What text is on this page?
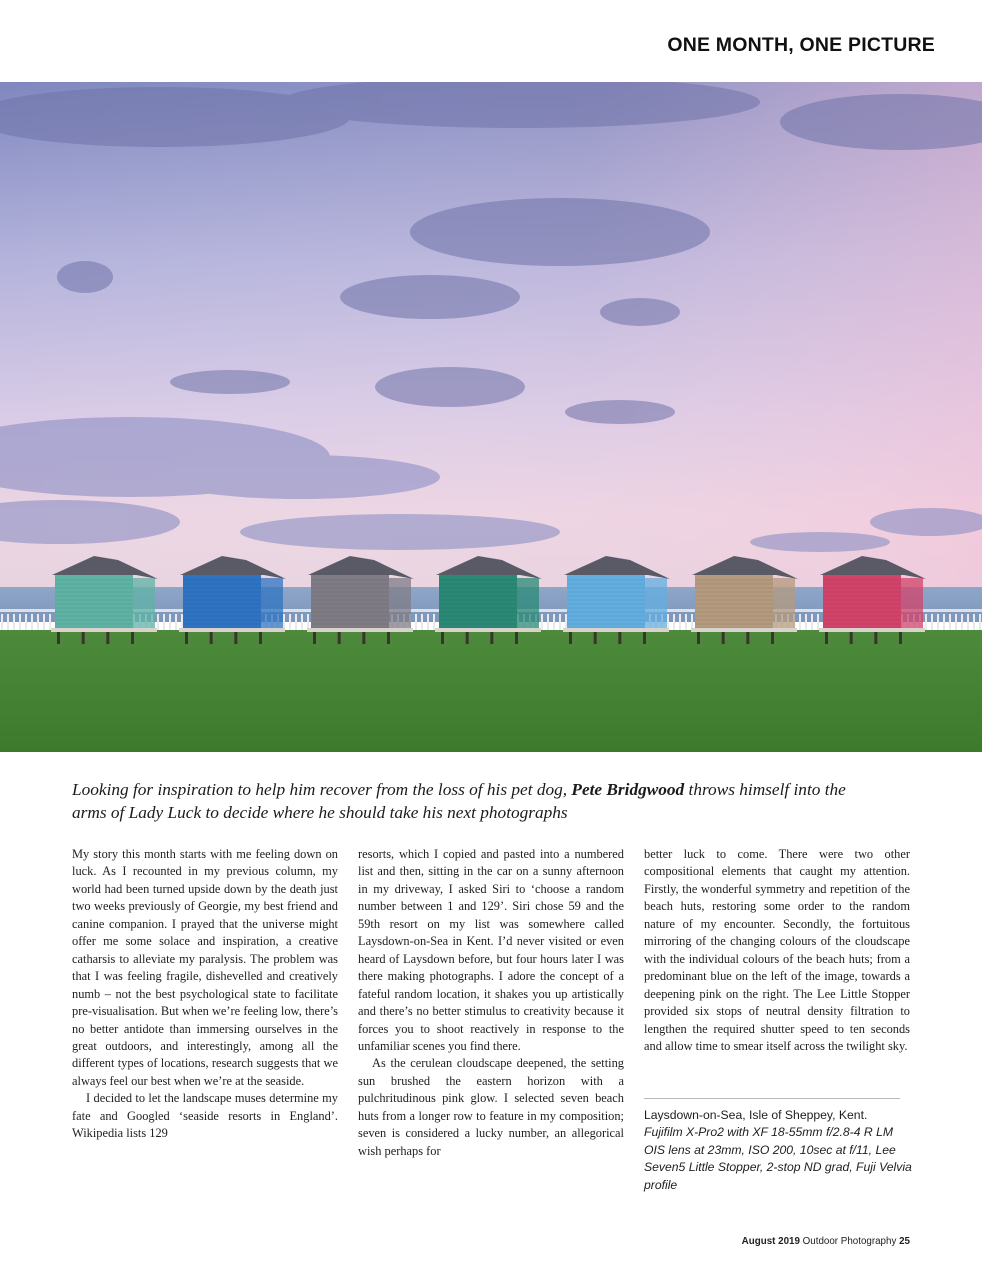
ONE MONTH, ONE PICTURE
Looking for inspiration to help him recover from the loss of his pet dog, Pete Bridgwood throws himself into the arms of Lady Luck to decide where he should take his next photographs

My story this month starts with me feeling down on luck. As I recounted in my previous column, my world had been turned upside down by the death just two weeks previously of Georgie, my best friend and canine companion. I prayed that the universe might offer me some solace and inspiration, a creative catharsis to alleviate my paralysis. The problem was that I was feeling fragile, dishevelled and creatively numb – not the best psychological state to facilitate pre-visualisation. But when we’re feeling low, there’s no better antidote than immersing ourselves in the great outdoors, and interestingly, among all the different types of locations, research suggests that we always feel our best when we’re at the seaside.

I decided to let the landscape muses determine my fate and Googled ‘seaside resorts in England’. Wikipedia lists 129

resorts, which I copied and pasted into a numbered list and then, sitting in the car on a sunny afternoon in my driveway, I asked Siri to ‘choose a random number between 1 and 129’. Siri chose 59 and the 59th resort on my list was somewhere called Laysdown-on-Sea in Kent. I’d never visited or even heard of Laysdown before, but four hours later I was there making photographs. I adore the concept of a fateful random location, it shakes you up artistically and there’s no better stimulus to creativity because it forces you to shoot reactively in response to the unfamiliar scenes you find there.

As the cerulean cloudscape deepened, the setting sun brushed the eastern horizon with a pulchritudinous pink glow. I selected seven beach huts from a longer row to feature in my composition; seven is considered a lucky number, an allegorical wish perhaps for

better luck to come. There were two other compositional elements that caught my attention. Firstly, the wonderful symmetry and repetition of the beach huts, restoring some order to the random nature of my encounter. Secondly, the fortuitous mirroring of the changing colours of the cloudscape with the individual colours of the beach huts; from a predominant blue on the left of the image, towards a deepening pink on the right. The Lee Little Stopper provided six stops of neutral density filtration to lengthen the required shutter speed to ten seconds and allow time to smear itself across the twilight sky.

Laysdown-on-Sea, Isle of Sheppey, Kent.
Fujifilm X-Pro2 with XF 18-55mm f/2.8-4 R LM OIS lens at 23mm, ISO 200, 10sec at f/11, Lee Seven5 Little Stopper, 2-stop ND grad, Fuji Velvia profile
August 2019 Outdoor Photography 25
